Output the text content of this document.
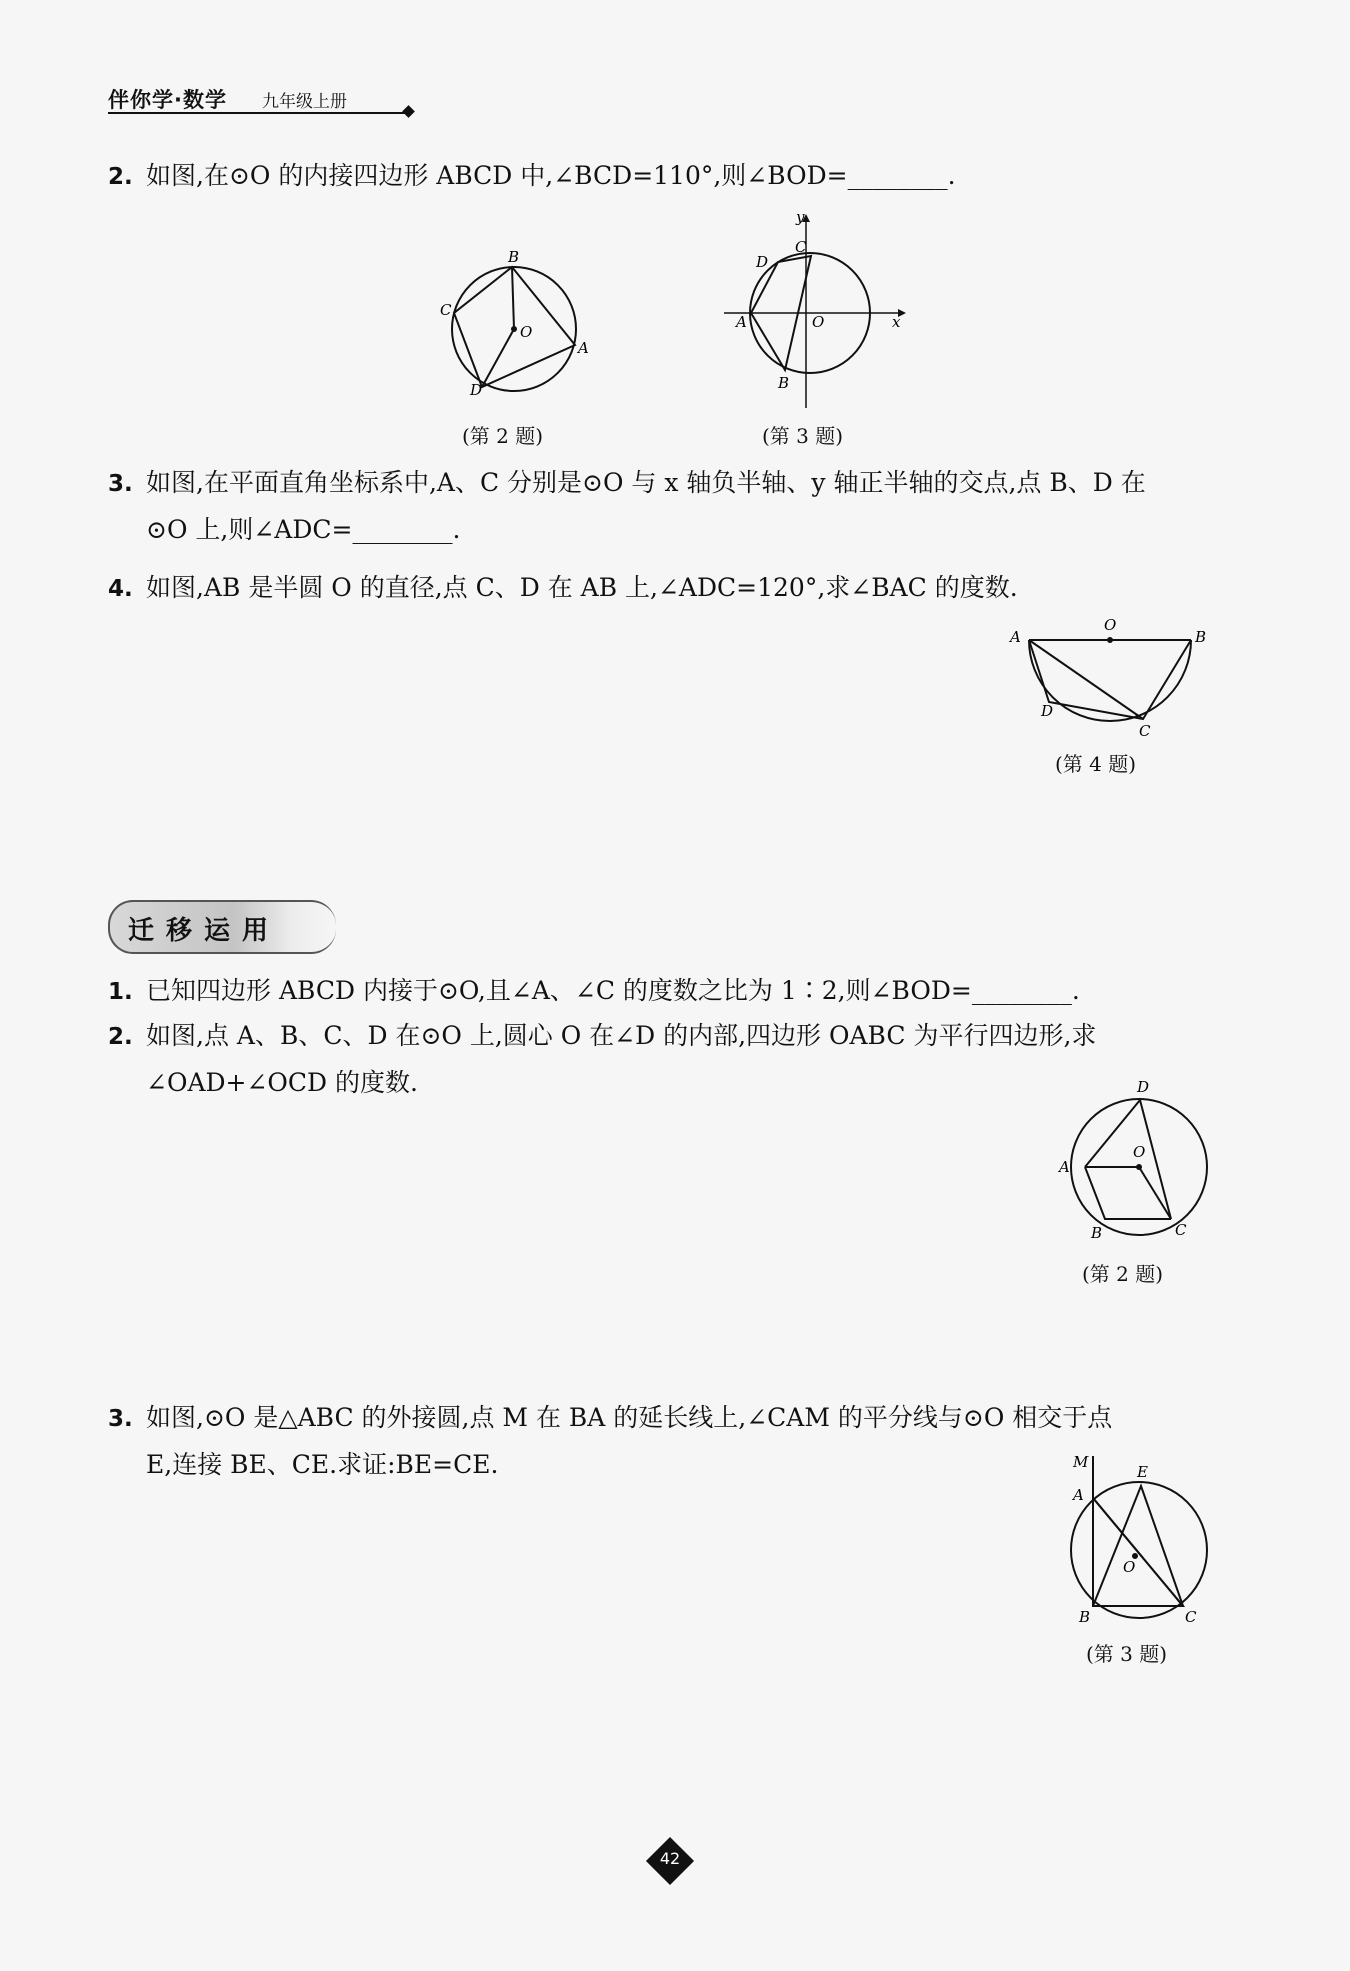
伴你学·数学 九年级上册
2. 如图,在⊙O 的内接四边形 ABCD 中,∠BCD=110°,则∠BOD=________.
B
C
O
A
D
(第 2 题)
y
C
D
A	O	x
B
(第 3 题)
3. 如图,在平面直角坐标系中,A、C 分别是⊙O 与 x 轴负半轴、y 轴正半轴的交点,点 B、D 在
⊙O 上,则∠ADC=________.
4. 如图,AB 是半圆 O 的直径,点 C、D 在 AB 上,∠ADC=120°,求∠BAC 的度数.
A
O
B
D
C
(第 4 题)
迁移运用
1. 已知四边形 ABCD 内接于⊙O,且∠A、∠C 的度数之比为 1∶2,则∠BOD=________.
2. 如图,点 A、B、C、D 在⊙O 上,圆心 O 在∠D 的内部,四边形 OABC 为平行四边形,求
∠OAD+∠OCD 的度数.	D
O
A
B	C
(第 2 题)
3. 如图,⊙O 是△ABC 的外接圆,点 M 在 BA 的延长线上,∠CAM 的平分线与⊙O 相交于点
E,连接 BE、CE.求证:BE=CE.	M
E
A
O
B	C
(第 3 题)
42
